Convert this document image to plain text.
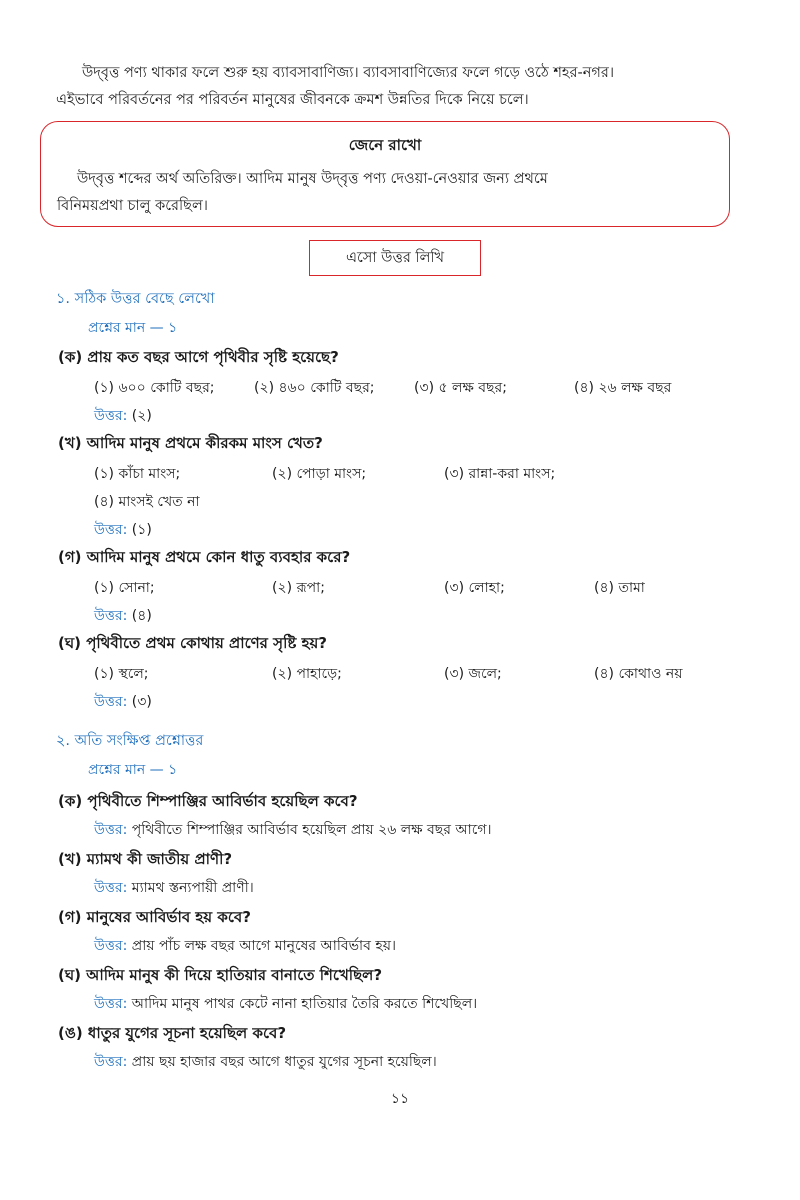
উদ্‌বৃত্ত পণ্য থাকার ফলে শুরু হয় ব্যাবসাবাণিজ্য। ব্যাবসাবাণিজ্যের ফলে গড়ে ওঠে শহর-নগর।

এইভাবে পরিবর্তনের পর পরিবর্তন মানুষের জীবনকে ক্রমশ উন্নতির দিকে নিয়ে চলে।

জেনে রাখো

উদ্‌বৃত্ত শব্দের অর্থ অতিরিক্ত। আদিম মানুষ উদ্‌বৃত্ত পণ্য দেওয়া-নেওয়ার জন্য প্রথমে

বিনিময়প্রথা চালু করেছিল।

এসো উত্তর লিখি
১. সঠিক উত্তর বেছে লেখো
প্রশ্নের মান — ১
(ক) প্রায় কত বছর আগে পৃথিবীর সৃষ্টি হয়েছে?
(১) ৬০০ কোটি বছর;	(২) ৪৬০ কোটি বছর;	(৩) ৫ লক্ষ বছর;	(৪) ২৬ লক্ষ বছর
উত্তর: (২)
(খ) আদিম মানুষ প্রথমে কীরকম মাংস খেত?
(১) কাঁচা মাংস;	(২) পোড়া মাংস;	(৩) রান্না-করা মাংস;
(৪) মাংসই খেত না
উত্তর: (১)
(গ) আদিম মানুষ প্রথমে কোন ধাতু ব্যবহার করে?
(১) সোনা;	(২) রূপা;	(৩) লোহা;	(৪) তামা
উত্তর: (৪)
(ঘ) পৃথিবীতে প্রথম কোথায় প্রাণের সৃষ্টি হয়?
(১) স্থলে;	(২) পাহাড়ে;	(৩) জলে;	(৪) কোথাও নয়
উত্তর: (৩)
২. অতি সংক্ষিপ্ত প্রশ্নোত্তর
প্রশ্নের মান — ১
(ক) পৃথিবীতে শিম্পাঞ্জির আবির্ভাব হয়েছিল কবে?
উত্তর: পৃথিবীতে শিম্পাঞ্জির আবির্ভাব হয়েছিল প্রায় ২৬ লক্ষ বছর আগে।
(খ) ম্যামথ কী জাতীয় প্রাণী?
উত্তর: ম্যামথ স্তন্যপায়ী প্রাণী।
(গ) মানুষের আবির্ভাব হয় কবে?
উত্তর: প্রায় পাঁচ লক্ষ বছর আগে মানুষের আবির্ভাব হয়।
(ঘ) আদিম মানুষ কী দিয়ে হাতিয়ার বানাতে শিখেছিল?
উত্তর: আদিম মানুষ পাথর কেটে নানা হাতিয়ার তৈরি করতে শিখেছিল।
(ঙ) ধাতুর যুগের সূচনা হয়েছিল কবে?
উত্তর: প্রায় ছয় হাজার বছর আগে ধাতুর যুগের সূচনা হয়েছিল।
১১
